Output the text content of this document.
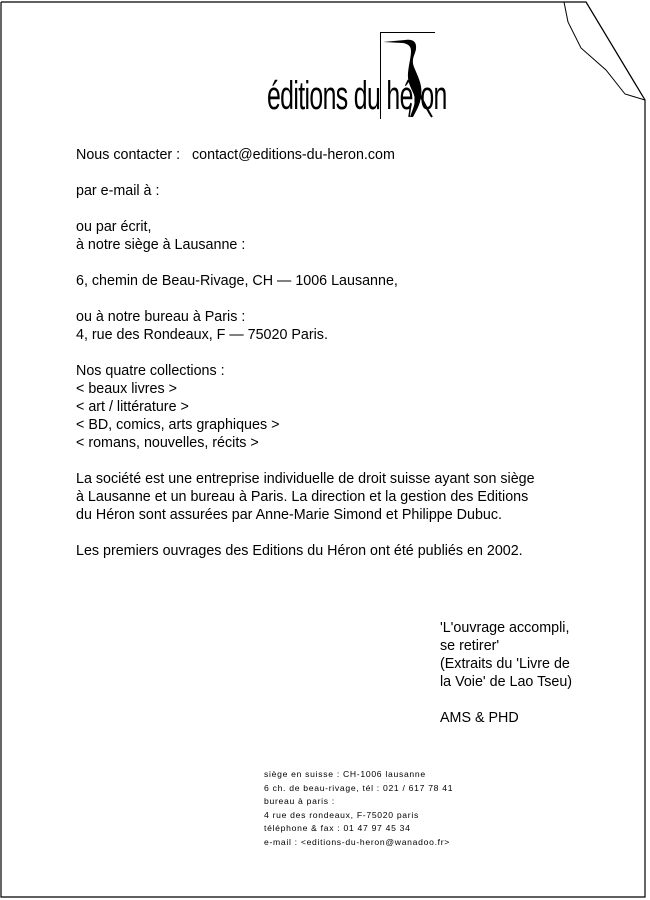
éditions du héron
Nous contacter : contact@editions-du-heron.com
par e-mail à :
ou par écrit,
à notre siège à Lausanne :
6, chemin de Beau-Rivage, CH — 1006 Lausanne,
ou à notre bureau à Paris :
4, rue des Rondeaux, F — 75020 Paris.
Nos quatre collections :
< beaux livres >
< art / littérature >
< BD, comics, arts graphiques >
< romans, nouvelles, récits >
La société est une entreprise individuelle de droit suisse ayant son siège
à Lausanne et un bureau à Paris. La direction et la gestion des Editions
du Héron sont assurées par Anne-Marie Simond et Philippe Dubuc.
Les premiers ouvrages des Editions du Héron ont été publiés en 2002.
'L'ouvrage accompli,
se retirer'
(Extraits du 'Livre de
la Voie' de Lao Tseu)
AMS & PHD
siège en suisse : CH-1006 lausanne
6 ch. de beau-rivage, tél : 021 / 617 78 41
bureau à paris :
4 rue des rondeaux, F-75020 paris
téléphone & fax : 01 47 97 45 34
e-mail : <editions-du-heron@wanadoo.fr>
